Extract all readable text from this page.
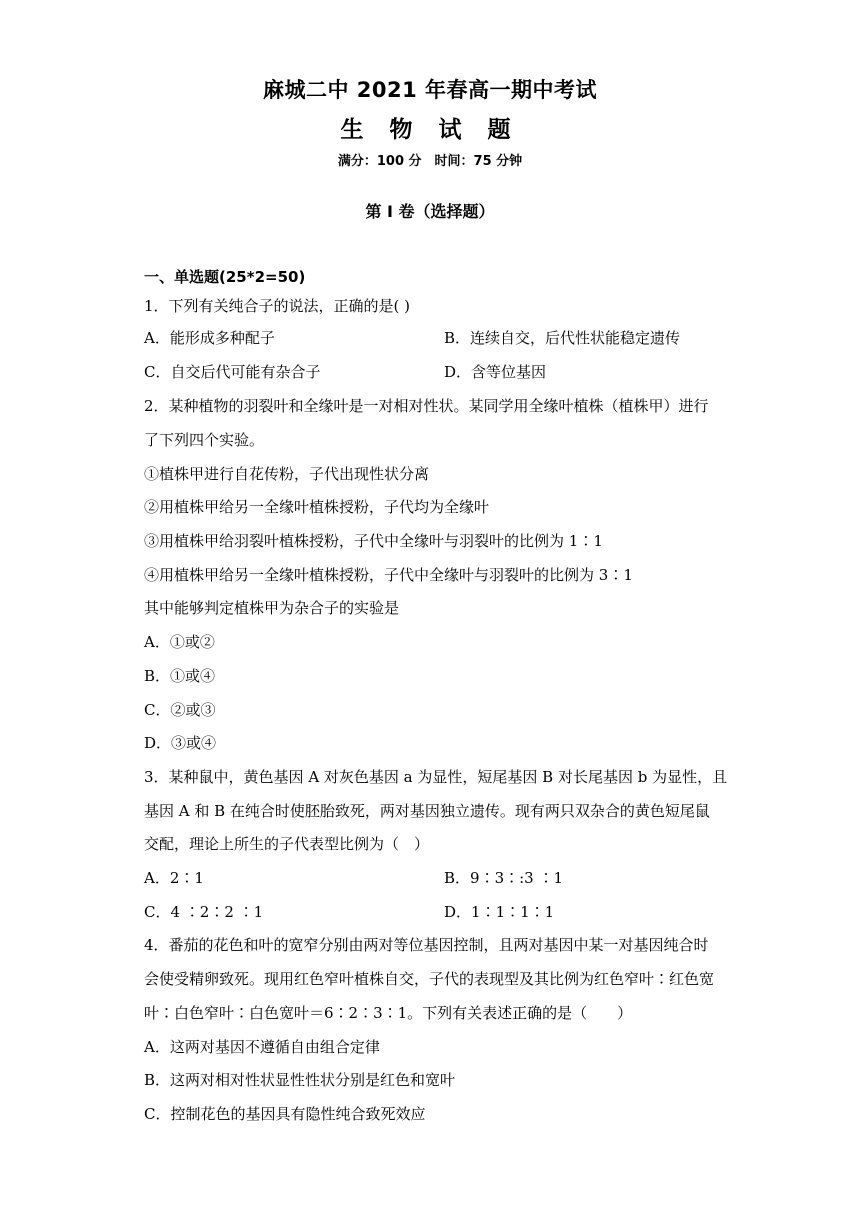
麻城二中 2021 年春高一期中考试
生 物 试 题
满分：100 分　时间：75 分钟
第 I 卷（选择题）
一、单选题(25*2=50)
1．下列有关纯合子的说法，正确的是( )
A．能形成多种配子	B．连续自交，后代性状能稳定遗传
C．自交后代可能有杂合子	D．含等位基因
2．某种植物的羽裂叶和全缘叶是一对相对性状。某同学用全缘叶植株（植株甲）进行
了下列四个实验。
①植株甲进行自花传粉，子代出现性状分离
②用植株甲给另一全缘叶植株授粉，子代均为全缘叶
③用植株甲给羽裂叶植株授粉，子代中全缘叶与羽裂叶的比例为 1∶1
④用植株甲给另一全缘叶植株授粉，子代中全缘叶与羽裂叶的比例为 3∶1
其中能够判定植株甲为杂合子的实验是
A．①或②
B．①或④
C．②或③
D．③或④
3．某种鼠中，黄色基因 A 对灰色基因 a 为显性，短尾基因 B 对长尾基因 b 为显性，且
基因 A 和 B 在纯合时使胚胎致死，两对基因独立遗传。现有两只双杂合的黄色短尾鼠
交配，理论上所生的子代表型比例为（　）
A．2∶1	B．9∶3∶:3 ∶1
C．4 ∶2∶2 ∶1	D．1∶1∶1∶1
4．番茄的花色和叶的宽窄分别由两对等位基因控制，且两对基因中某一对基因纯合时
会使受精卵致死。现用红色窄叶植株自交，子代的表现型及其比例为红色窄叶∶红色宽
叶∶白色窄叶∶白色宽叶＝6∶2∶3∶1。下列有关表述正确的是（　　）
A．这两对基因不遵循自由组合定律
B．这两对相对性状显性性状分别是红色和宽叶
C．控制花色的基因具有隐性纯合致死效应
